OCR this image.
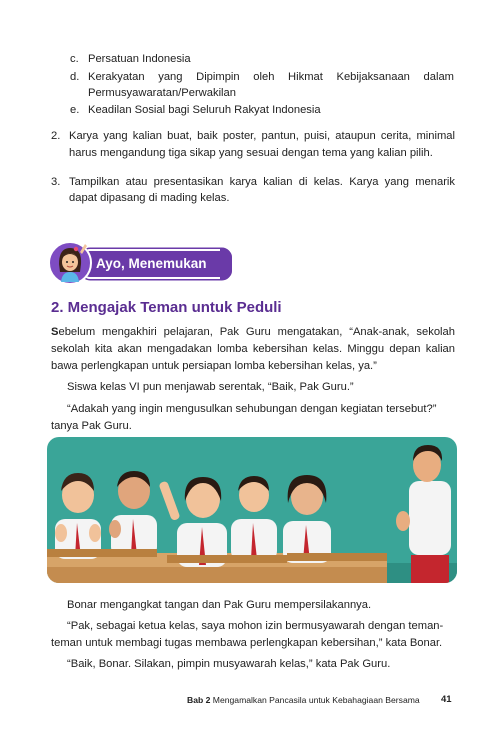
c. Persatuan Indonesia
d. Kerakyatan yang Dipimpin oleh Hikmat Kebijaksanaan dalam
Permusyawaratan/Perwakilan
e. Keadilan Sosial bagi Seluruh Rakyat Indonesia
2. Karya yang kalian buat, baik poster, pantun, puisi, ataupun cerita, minimal
harus mengandung tiga sikap yang sesuai dengan tema yang kalian pilih.
3. Tampilkan atau presentasikan karya kalian di kelas. Karya yang menarik
dapat dipasang di mading kelas.
Ayo, Menemukan
2. Mengajak Teman untuk Peduli
Sebelum mengakhiri pelajaran, Pak Guru mengatakan, “Anak-anak, sekolah
sekolah kita akan mengadakan lomba kebersihan kelas. Minggu depan kalian
bawa perlengkapan untuk persiapan lomba kebersihan kelas, ya.”
Siswa kelas VI pun menjawab serentak, “Baik, Pak Guru.”
“Adakah yang ingin mengusulkan sehubungan dengan kegiatan tersebut?”
tanya Pak Guru.
Bonar mengangkat tangan dan Pak Guru mempersilakannya.
“Pak, sebagai ketua kelas, saya mohon izin bermusyawarah dengan teman-
teman untuk membagi tugas membawa perlengkapan kebersihan,” kata Bonar.
“Baik, Bonar. Silakan, pimpin musyawarah kelas,” kata Pak Guru.
Bab 2 Mengamalkan Pancasila untuk Kebahagiaan Bersama 41
